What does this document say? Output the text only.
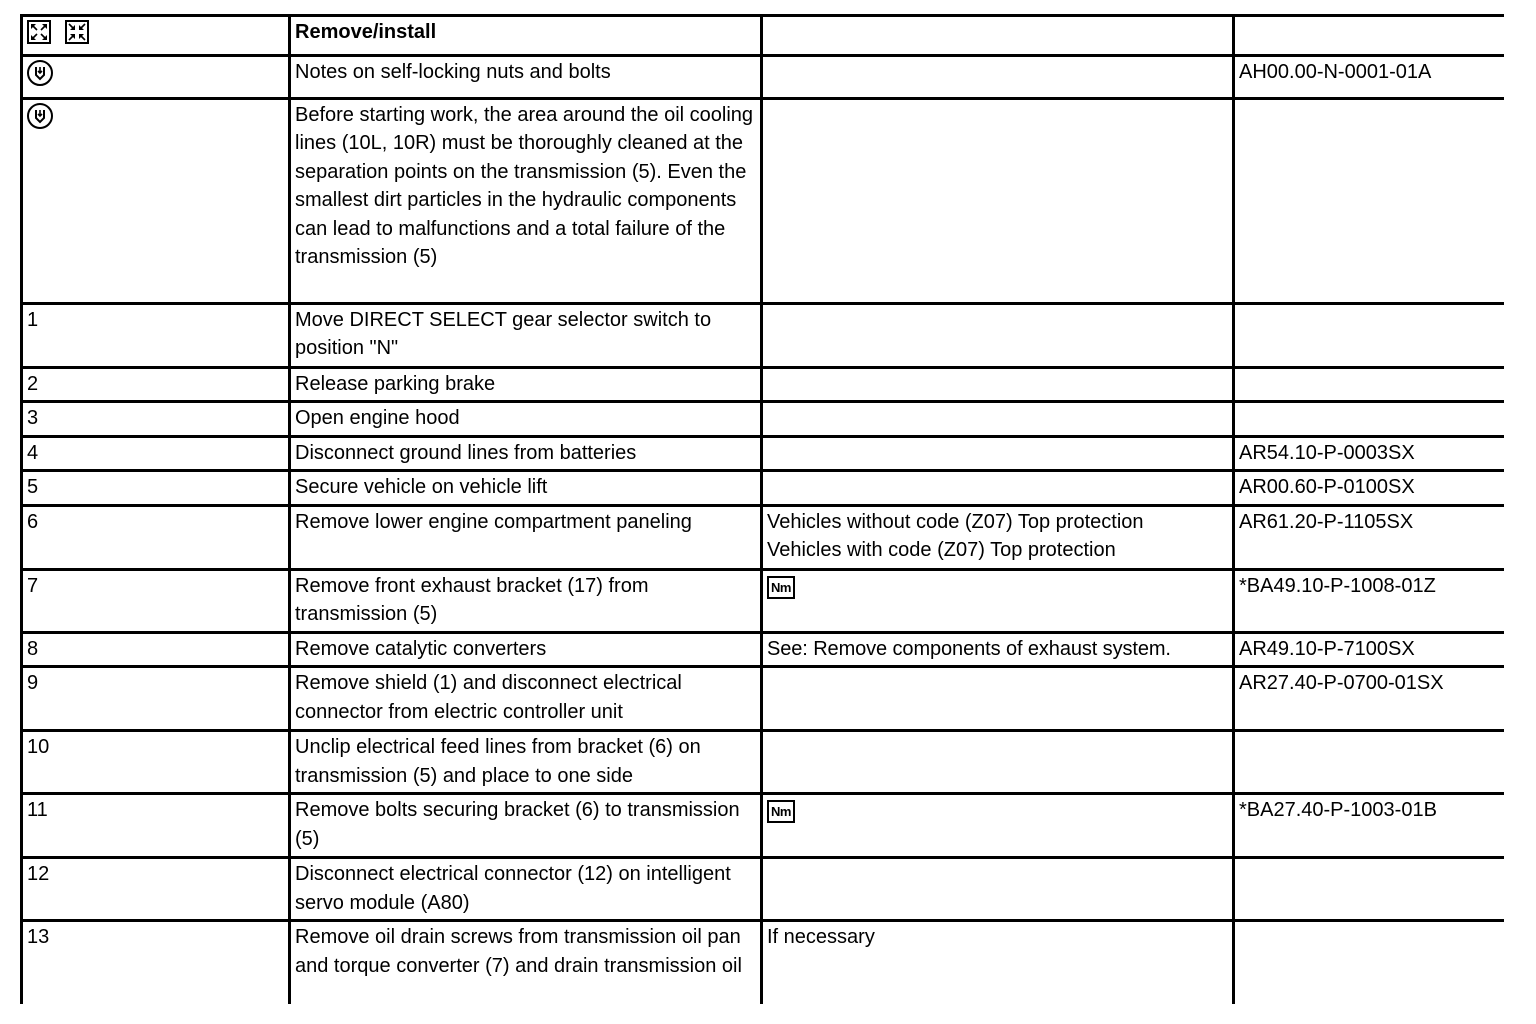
	Remove/install		

	Notes on self-locking nuts and bolts		AH00.00-N-0001-01A

	Before starting work, the area around the oil cooling lines (10L, 10R) must be thoroughly cleaned at the separation points on the transmission (5). Even the smallest dirt particles in the hydraulic components can lead to malfunctions and a total failure of the transmission (5)		
1	Move DIRECT SELECT gear selector switch to position "N"		
2	Release parking brake		
3	Open engine hood		
4	Disconnect ground lines from batteries		AR54.10-P-0003SX
5	Secure vehicle on vehicle lift		AR00.60-P-0100SX
6	Remove lower engine compartment paneling	Vehicles without code (Z07) Top protection
Vehicles with code (Z07) Top protection	AR61.20-P-1105SX
7	Remove front exhaust bracket (17) from transmission (5)	Nm	*BA49.10-P-1008-01Z
8	Remove catalytic converters	See: Remove components of exhaust system.	AR49.10-P-7100SX
9	Remove shield (1) and disconnect electrical connector from electric controller unit		AR27.40-P-0700-01SX
10	Unclip electrical feed lines from bracket (6) on transmission (5) and place to one side		
11	Remove bolts securing bracket (6) to transmission (5)	Nm	*BA27.40-P-1003-01B
12	Disconnect electrical connector (12) on intelligent servo module (A80)		
13	Remove oil drain screws from transmission oil pan and torque converter (7) and drain transmission oil	If necessary	
